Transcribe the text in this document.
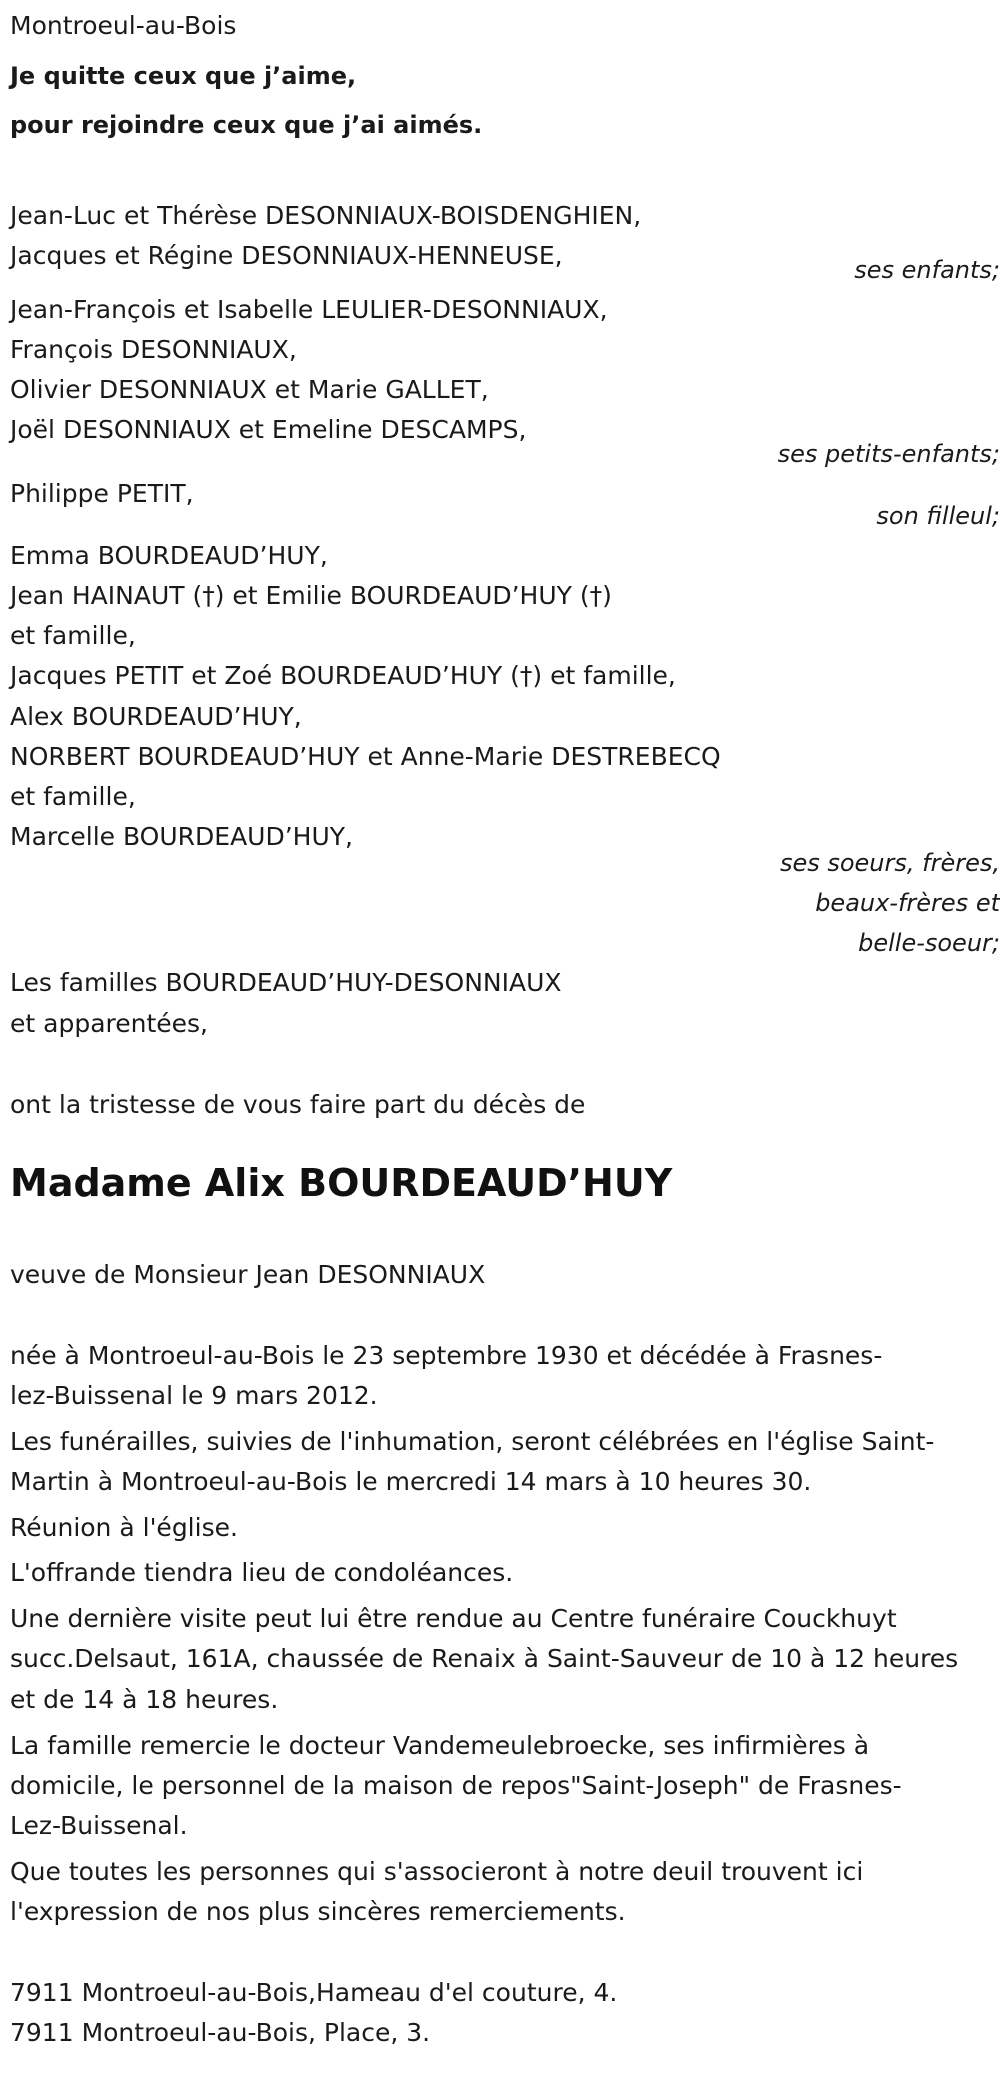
Montroeul-au-Bois
Je quitte ceux que j’aime,
pour rejoindre ceux que j’ai aimés.
Jean-Luc et Thérèse DESONNIAUX-BOISDENGHIEN,
Jacques et Régine DESONNIAUX-HENNEUSE,	ses enfants;
Jean-François et Isabelle LEULIER-DESONNIAUX,
François DESONNIAUX,
Olivier DESONNIAUX et Marie GALLET,
Joël DESONNIAUX et Emeline DESCAMPS,
ses petits-enfants;
Philippe PETIT,
son filleul;
Emma BOURDEAUD’HUY,
Jean HAINAUT (†) et Emilie BOURDEAUD’HUY (†)
et famille,
Jacques PETIT et Zoé BOURDEAUD’HUY (†) et famille,
Alex BOURDEAUD’HUY,
NORBERT BOURDEAUD’HUY et Anne-Marie DESTREBECQ
et famille,
Marcelle BOURDEAUD’HUY,
ses soeurs, frères,
beaux-frères et
belle-soeur;
Les familles BOURDEAUD’HUY-DESONNIAUX
et apparentées,
ont la tristesse de vous faire part du décès de
Madame Alix BOURDEAUD’HUY
veuve de Monsieur Jean DESONNIAUX
née à Montroeul-au-Bois le 23 septembre 1930 et décédée à Frasnes-
lez-Buissenal le 9 mars 2012.
Les funérailles, suivies de l'inhumation, seront célébrées en l'église Saint-
Martin à Montroeul-au-Bois le mercredi 14 mars à 10 heures 30.
Réunion à l'église.
L'offrande tiendra lieu de condoléances.
Une dernière visite peut lui être rendue au Centre funéraire Couckhuyt
succ.Delsaut, 161A, chaussée de Renaix à Saint-Sauveur de 10 à 12 heures
et de 14 à 18 heures.
La famille remercie le docteur Vandemeulebroecke, ses infirmières à
domicile, le personnel de la maison de repos"Saint-Joseph" de Frasnes-
Lez-Buissenal.
Que toutes les personnes qui s'associeront à notre deuil trouvent ici
l'expression de nos plus sincères remerciements.
7911 Montroeul-au-Bois,Hameau d'el couture, 4.
7911 Montroeul-au-Bois, Place, 3.
